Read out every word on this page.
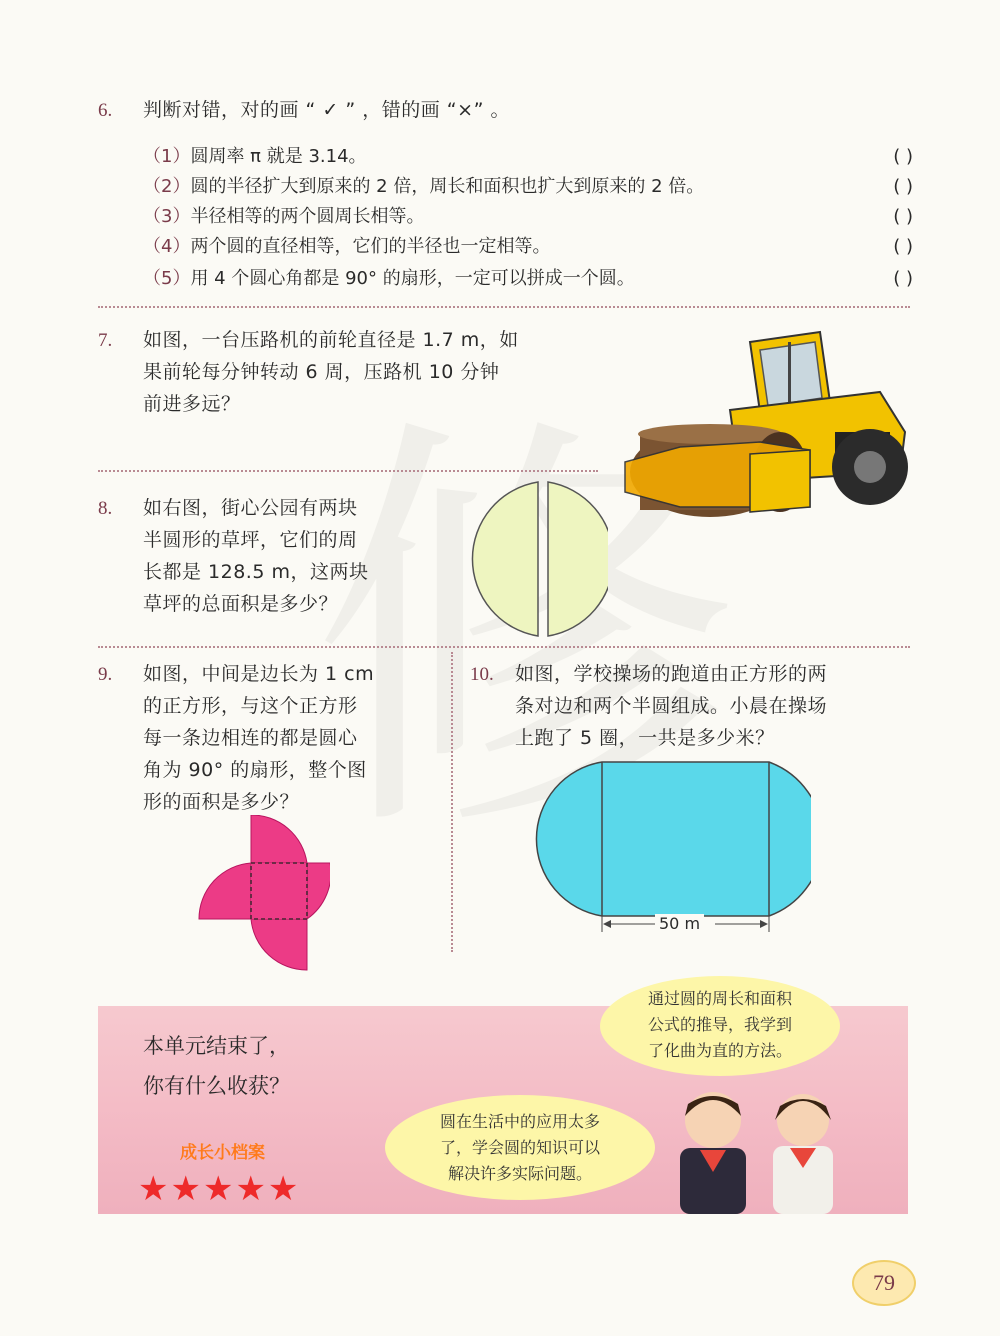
6. 判断对错，对的画 “ ✓ ” ，错的画 “×” 。
（1）圆周率 π 就是 3.14。	( )
（2）圆的半径扩大到原来的 2 倍，周长和面积也扩大到原来的 2 倍。	( )
（3）半径相等的两个圆周长相等。	( )
（4）两个圆的直径相等，它们的半径也一定相等。	( )
（5）用 4 个圆心角都是 90° 的扇形，一定可以拼成一个圆。	( )
7. 如图，一台压路机的前轮直径是 1.7 m，如
果前轮每分钟转动 6 周，压路机 10 分钟
前进多远？
8. 如右图，街心公园有两块
半圆形的草坪，它们的周
长都是 128.5 m，这两块
草坪的总面积是多少？
9. 如图，中间是边长为 1 cm
的正方形，与这个正方形
每一条边相连的都是圆心
角为 90° 的扇形，整个图
形的面积是多少？
10. 如图，学校操场的跑道由正方形的两
条对边和两个半圆组成。小晨在操场
上跑了 5 圈，一共是多少米？
50 m
本单元结束了，
你有什么收获？
成长小档案
★★★★★
通过圆的周长和面积
公式的推导，我学到
了化曲为直的方法。
圆在生活中的应用太多
了，学会圆的知识可以
解决许多实际问题。
79
